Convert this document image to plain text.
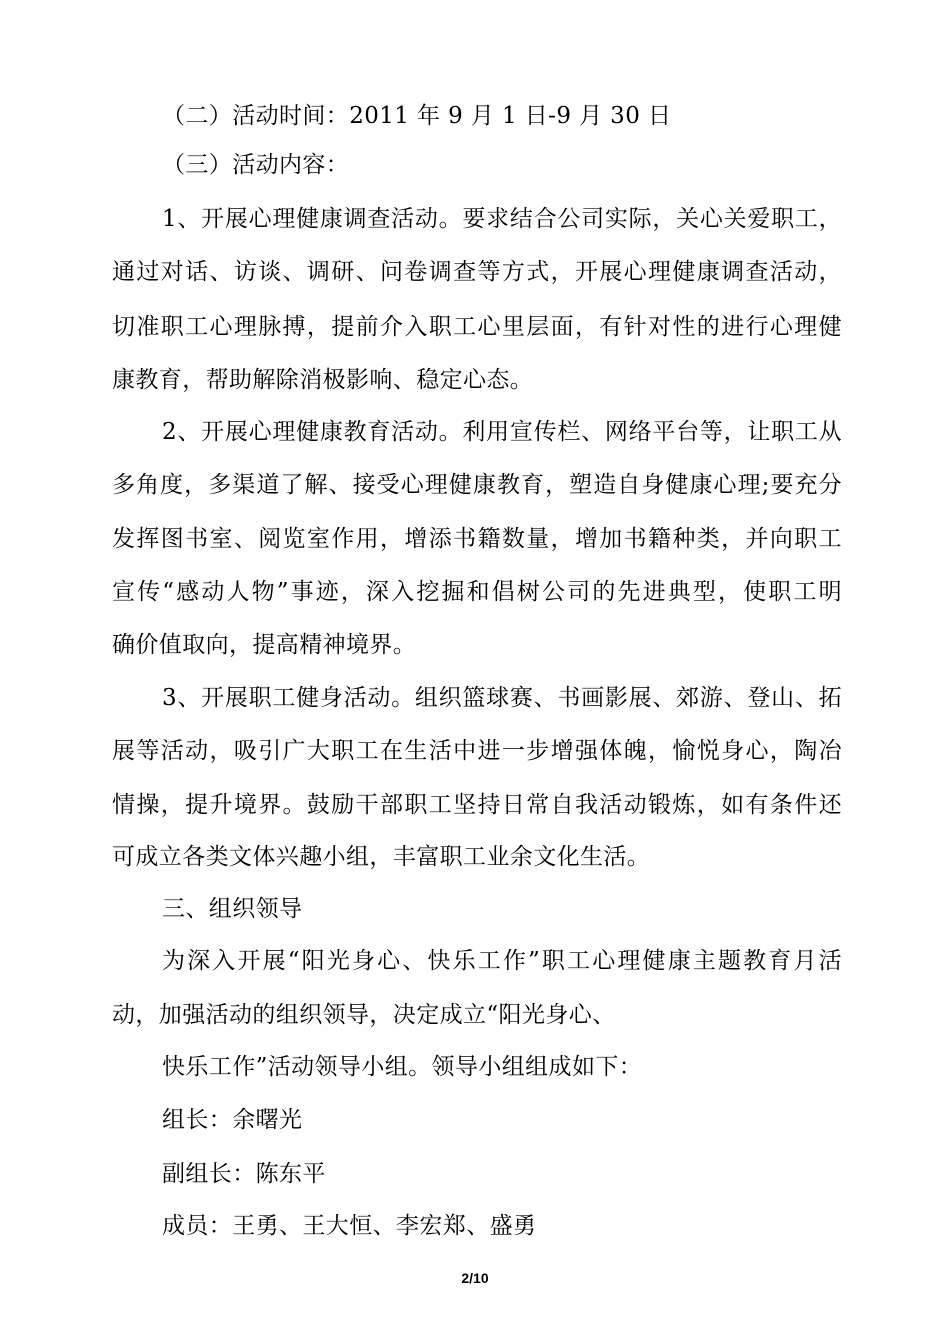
（二）活动时间：2011 年 9 月 1 日-9 月 30 日
（三）活动内容：
1、开展心理健康调查活动。要求结合公司实际，关心关爱职工，
通过对话、访谈、调研、问卷调查等方式，开展心理健康调查活动，
切准职工心理脉搏，提前介入职工心里层面，有针对性的进行心理健
康教育，帮助解除消极影响、稳定心态。
2、开展心理健康教育活动。利用宣传栏、网络平台等，让职工从
多角度，多渠道了解、接受心理健康教育，塑造自身健康心理;要充分
发挥图书室、阅览室作用，增添书籍数量，增加书籍种类，并向职工
宣传“感动人物”事迹，深入挖掘和倡树公司的先进典型，使职工明
确价值取向，提高精神境界。
3、开展职工健身活动。组织篮球赛、书画影展、郊游、登山、拓
展等活动，吸引广大职工在生活中进一步增强体魄，愉悦身心，陶冶
情操，提升境界。鼓励干部职工坚持日常自我活动锻炼，如有条件还
可成立各类文体兴趣小组，丰富职工业余文化生活。
三、组织领导
为深入开展“阳光身心、快乐工作”职工心理健康主题教育月活
动，加强活动的组织领导，决定成立“阳光身心、
快乐工作”活动领导小组。领导小组组成如下：
组长：余曙光
副组长：陈东平
成员：王勇、王大恒、李宏郑、盛勇
2/10
